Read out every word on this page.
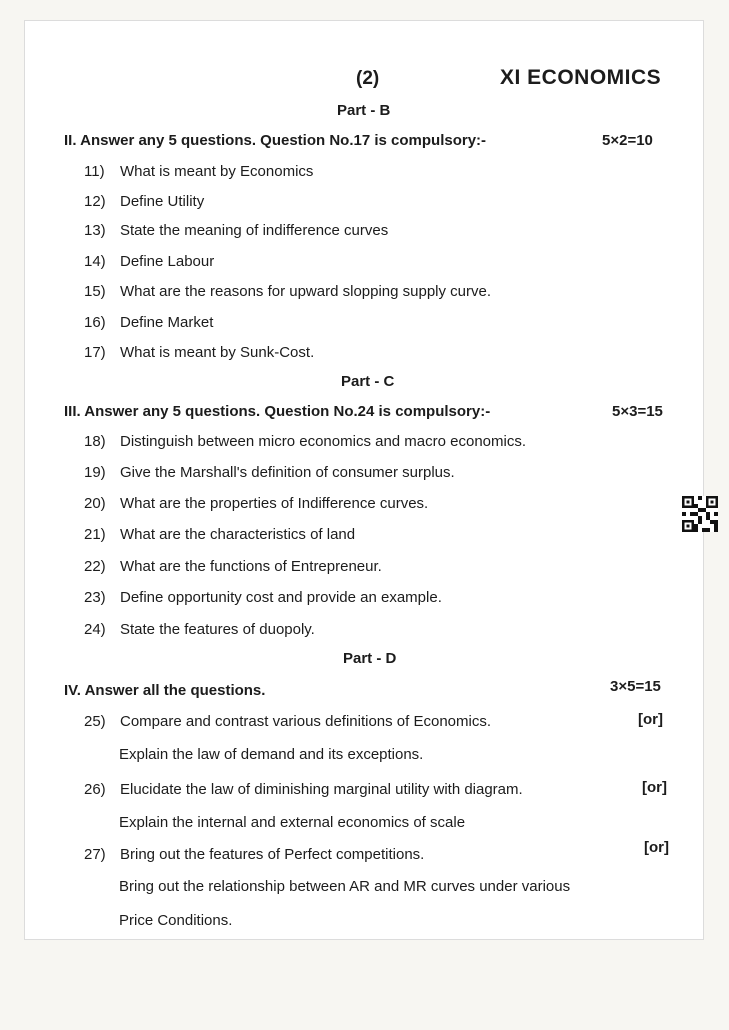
(2)	XI ECONOMICS
Part - B
II. Answer any 5 questions. Question No.17 is compulsory:-	5×2=10
11) What is meant by Economics
12) Define Utility
13) State the meaning of indifference curves
14) Define Labour
15) What are the reasons for upward slopping supply curve.
16) Define Market
17) What is meant by Sunk-Cost.
Part - C
III. Answer any 5 questions. Question No.24 is compulsory:-	5×3=15
18) Distinguish between micro economics and macro economics.
19) Give the Marshall's definition of consumer surplus.
20) What are the properties of Indifference curves.
21) What are the characteristics of land
22) What are the functions of Entrepreneur.
23) Define opportunity cost and provide an example.
24) State the features of duopoly.
Part - D
IV. Answer all the questions.	3×5=15
25) Compare and contrast various definitions of Economics.	[or]
Explain the law of demand and its exceptions.
26) Elucidate the law of diminishing marginal utility with diagram.	[or]
Explain the internal and external economics of scale
27) Bring out the features of Perfect competitions.	[or]
Bring out the relationship between AR and MR curves under various
Price Conditions.
